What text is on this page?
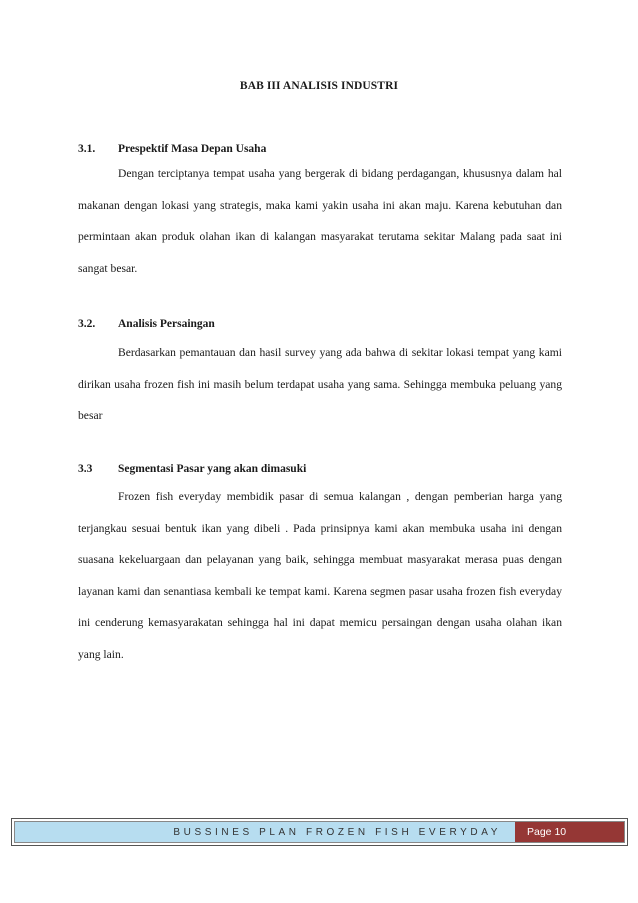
BAB III ANALISIS INDUSTRI
3.1.	Prespektif Masa Depan Usaha

Dengan terciptanya tempat usaha yang bergerak di bidang perdagangan, khususnya dalam hal makanan dengan lokasi yang strategis, maka kami yakin usaha ini akan maju. Karena kebutuhan dan permintaan akan produk olahan ikan di kalangan masyarakat terutama sekitar Malang pada saat ini sangat besar.

3.2.	Analisis Persaingan

Berdasarkan pemantauan dan hasil survey yang ada bahwa di sekitar lokasi tempat yang kami dirikan usaha frozen fish ini masih belum terdapat usaha yang sama. Sehingga membuka peluang yang besar

3.3	Segmentasi Pasar yang akan dimasuki

Frozen fish everyday membidik pasar di semua kalangan , dengan pemberian harga yang terjangkau sesuai bentuk ikan yang dibeli . Pada prinsipnya kami akan membuka usaha ini dengan suasana kekeluargaan dan pelayanan yang baik, sehingga membuat masyarakat merasa puas dengan layanan kami dan senantiasa kembali ke tempat kami. Karena segmen pasar usaha frozen fish everyday ini cenderung kemasyarakatan sehingga hal ini dapat memicu persaingan dengan usaha olahan ikan yang lain.

BUSSINES PLAN FROZEN FISH EVERYDAY	Page 10
